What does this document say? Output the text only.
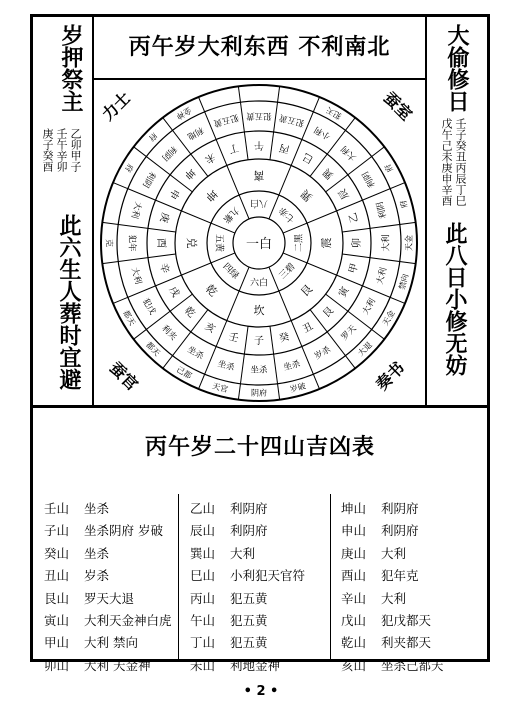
丙午岁大利东西 不利南北
岁押祭主
乙卯甲子
壬午辛卯
庚子癸酉
此六生人葬时宜避
大偷修日
壬子癸丑丙辰丁巳
戊午己未庚申辛酉
此八日小修无妨
力士	蚕室
蚕官	奏书
一白
六白
三碧
二黑
七赤
八白
九紫
五黄
四绿
坎
艮
震
巽
离
坤
兑
乾
子 癸
丑
艮
寅
甲
卯
乙
辰
巽
巳
丙
午
丁
未
坤
申
庚
酉
辛
戌
乾
亥
壬
坐杀 坐杀
岁杀
罗天
大利
大利
大利
利阴
利阴
大利
小利
犯五黄
犯五黄
犯五黄
利地
利阴
利阴
大利
犯年
大利
犯戊
利夹
坐杀
坐杀
阴府	岁破
大退
天金
禁向
天金
府
府
犯天
金神
府
府
克
都天
都天
己都
天官
丙午岁二十四山吉凶表
壬山 坐杀
子山 坐杀阴府 岁破
癸山 坐杀
丑山 岁杀
艮山 罗天大退
寅山 大利天金神白虎
甲山 大利 禁向
卯山 大利 天金神
乙山 利阴府
辰山 利阴府
巽山 大利
巳山 小利犯天官符
丙山 犯五黄
午山 犯五黄
丁山 犯五黄
未山 利地金神
坤山 利阴府
申山 利阴府
庚山 大利
酉山 犯年克
辛山 大利
戊山 犯戊都天
乾山 利夹都天
亥山 坐杀己都天
• 2 •
